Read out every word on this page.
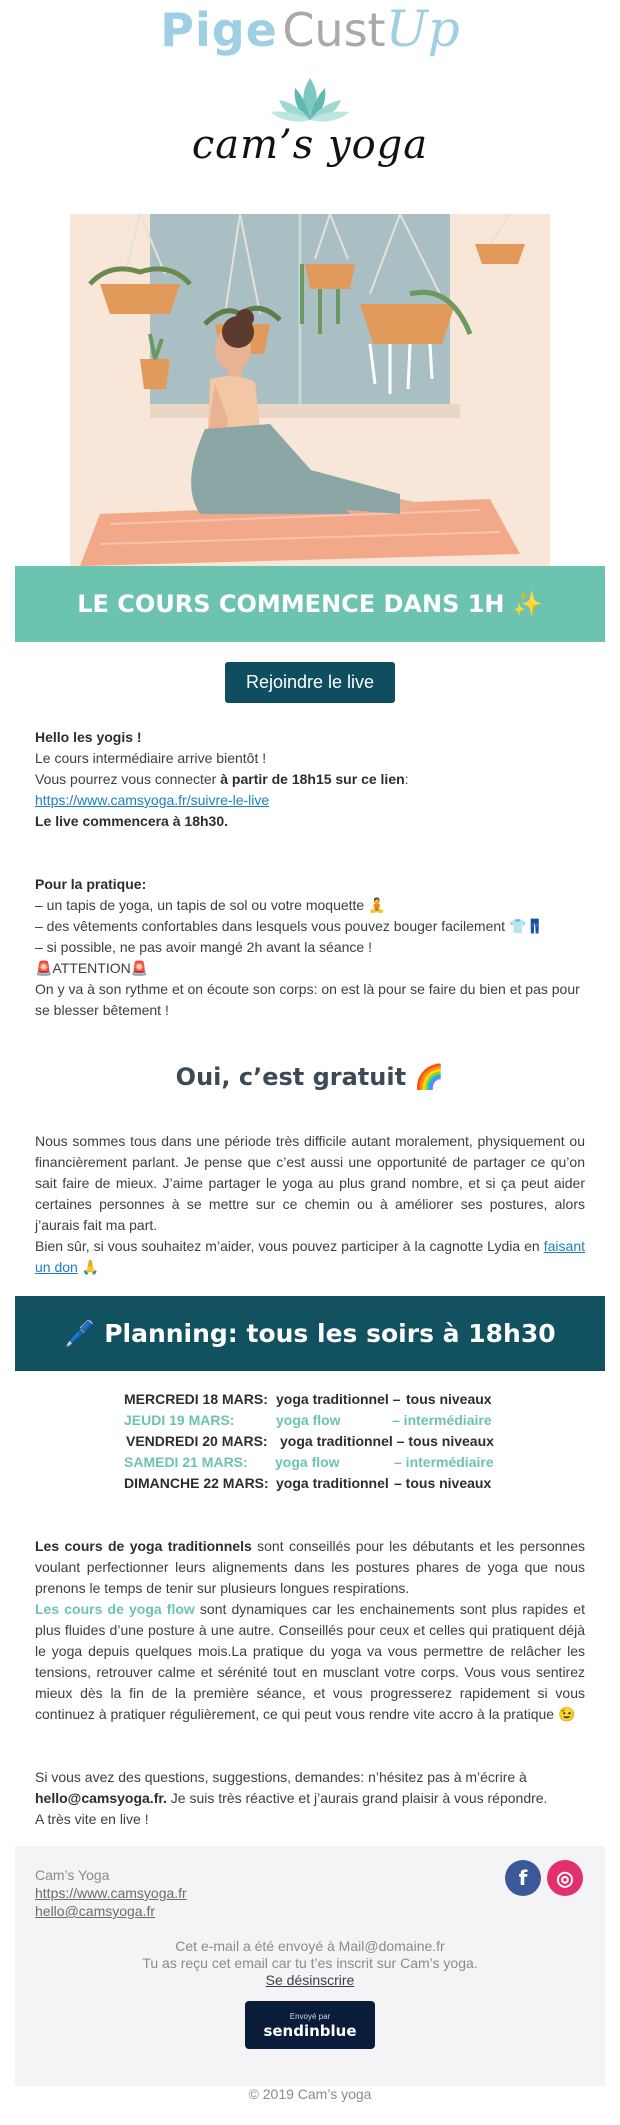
Pige CustUp
cam’s yoga
LE COURS COMMENCE DANS 1H ✨
Rejoindre le live
Hello les yogis !
Le cours intermédiaire arrive bientôt !
Vous pourrez vous connecter à partir de 18h15 sur ce lien:
https://www.camsyoga.fr/suivre-le-live
Le live commencera à 18h30.
Pour la pratique:
– un tapis de yoga, un tapis de sol ou votre moquette 🧘
– des vêtements confortables dans lesquels vous pouvez bouger facilement 👕👖
– si possible, ne pas avoir mangé 2h avant la séance !
🚨ATTENTION🚨
On y va à son rythme et on écoute son corps: on est là pour se faire du bien et pas pour se blesser bêtement !
Oui, c’est gratuit 🌈
Nous sommes tous dans une période très difficile autant moralement, physiquement ou financièrement parlant. Je pense que c’est aussi une opportunité de partager ce qu’on sait faire de mieux. J’aime partager le yoga au plus grand nombre, et si ça peut aider certaines personnes à se mettre sur ce chemin ou à améliorer ses postures, alors j’aurais fait ma part.
Bien sûr, si vous souhaitez m’aider, vous pouvez participer à la cagnotte Lydia en faisant un don 🙏
🖊️ Planning: tous les soirs à 18h30
MERCREDI 18 MARS: yoga traditionnel – tous niveaux
JEUDI 19 MARS:	yoga flow	– intermédiaire
VENDREDI 20 MARS: yoga traditionnel – tous niveaux
SAMEDI 21 MARS: yoga flow	– intermédiaire
DIMANCHE 22 MARS: yoga traditionnel – tous niveaux
Les cours de yoga traditionnels sont conseillés pour les débutants et les personnes voulant perfectionner leurs alignements dans les postures phares de yoga que nous prenons le temps de tenir sur plusieurs longues respirations.
Les cours de yoga flow sont dynamiques car les enchainements sont plus rapides et plus fluides d’une posture à une autre. Conseillés pour ceux et celles qui pratiquent déjà le yoga depuis quelques mois.La pratique du yoga va vous permettre de relâcher les tensions, retrouver calme et sérénité tout en musclant votre corps. Vous vous sentirez mieux dès la fin de la première séance, et vous progresserez rapidement si vous continuez à pratiquer régulièrement, ce qui peut vous rendre vite accro à la pratique 😉
Si vous avez des questions, suggestions, demandes: n’hésitez pas à m’écrire à hello@camsyoga.fr. Je suis très réactive et j’aurais grand plaisir à vous répondre.
A très vite en live !
Cam’s Yoga
https://www.camsyoga.fr
hello@camsyoga.fr
f	◎
Cet e-mail a été envoyé à Mail@domaine.fr
Tu as reçu cet email car tu t’es inscrit sur Cam’s yoga.
Se désinscrire
Envoyé par
sendinblue
© 2019 Cam’s yoga
